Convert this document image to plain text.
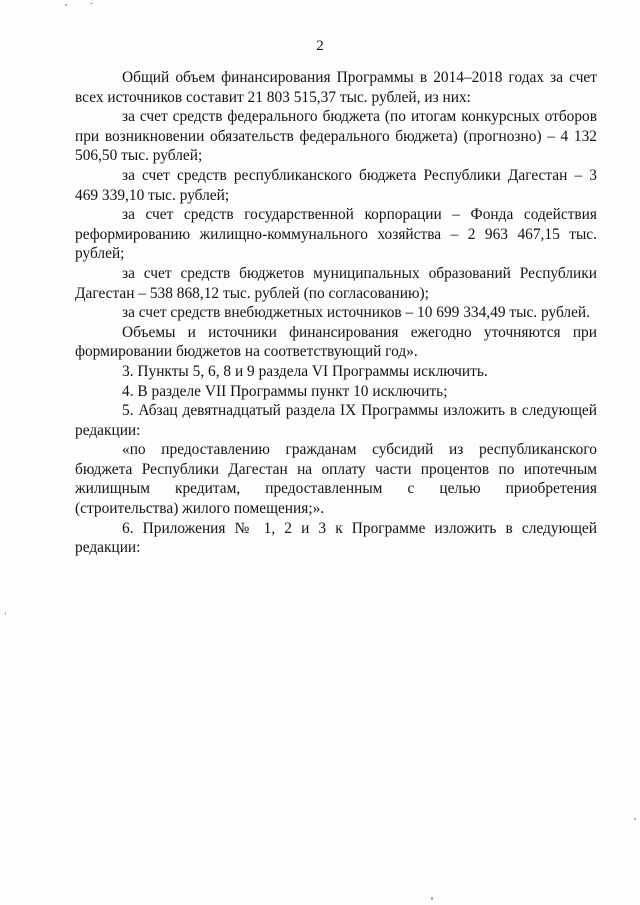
2

Общий объем финансирования Программы в 2014–2018 годах за счет всех источников составит 21 803 515,37 тыс. рублей, из них:

за счет средств федерального бюджета (по итогам конкурсных отборов при возникновении обязательств федерального бюджета) (прогнозно) – 4 132 506,50 тыс. рублей;

за счет средств республиканского бюджета Республики Дагестан – 3 469 339,10 тыс. рублей;

за счет средств государственной корпорации – Фонда содействия реформированию жилищно-коммунального хозяйства – 2 963 467,15 тыс. рублей;

за счет средств бюджетов муниципальных образований Республики Дагестан – 538 868,12 тыс. рублей (по согласованию);

за счет средств внебюджетных источников – 10 699 334,49 тыс. рублей.

Объемы и источники финансирования ежегодно уточняются при формировании бюджетов на соответствующий год».

3. Пункты 5, 6, 8 и 9 раздела VI Программы исключить.

4. В разделе VII Программы пункт 10 исключить;

5. Абзац девятнадцатый раздела IX Программы изложить в следующей редакции:

«по предоставлению гражданам субсидий из республиканского бюджета Республики Дагестан на оплату части процентов по ипотечным жилищным кредитам, предоставленным с целью приобретения (строительства) жилого помещения;».

6. Приложения № 1, 2 и 3 к Программе изложить в следующей редакции:
